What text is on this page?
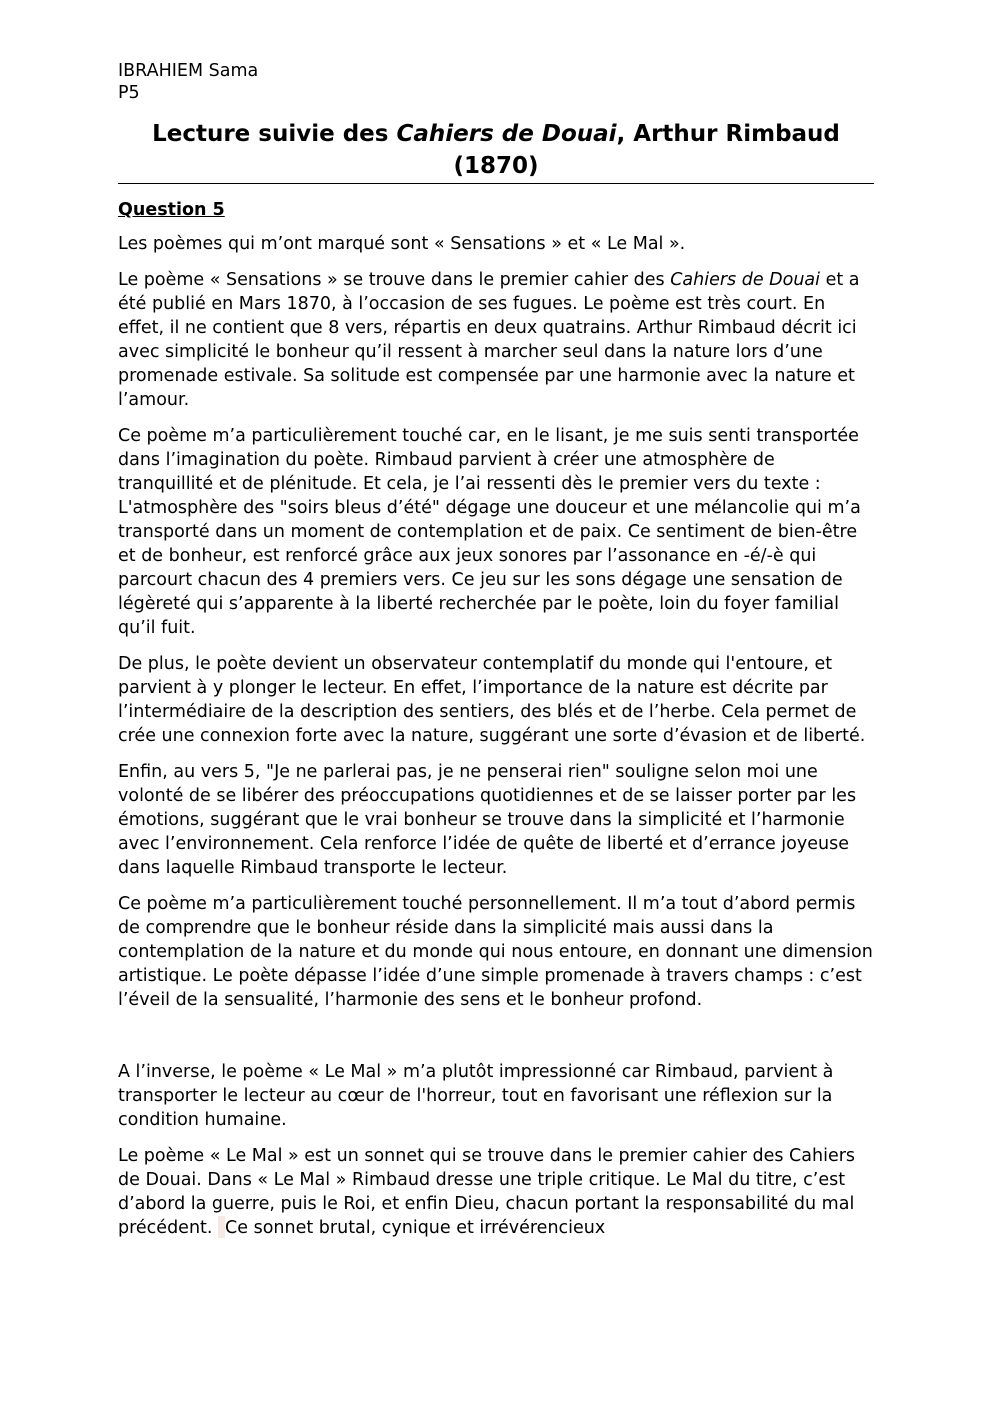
IBRAHIEM Sama
P5
Lecture suivie des Cahiers de Douai, Arthur Rimbaud (1870)
Question 5

Les poèmes qui m’ont marqué sont « Sensations » et « Le Mal ».

Le poème « Sensations » se trouve dans le premier cahier des Cahiers de Douai et a été publié en Mars 1870, à l’occasion de ses fugues. Le poème est très court. En effet, il ne contient que 8 vers, répartis en deux quatrains. Arthur Rimbaud décrit ici avec simplicité le bonheur qu’il ressent à marcher seul dans la nature lors d’une promenade estivale. Sa solitude est compensée par une harmonie avec la nature et l’amour.

Ce poème m’a particulièrement touché car, en le lisant, je me suis senti transportée dans l’imagination du poète. Rimbaud parvient à créer une atmosphère de tranquillité et de plénitude. Et cela, je l’ai ressenti dès le premier vers du texte : L'atmosphère des "soirs bleus d’été" dégage une douceur et une mélancolie qui m’a transporté dans un moment de contemplation et de paix. Ce sentiment de bien-être et de bonheur, est renforcé grâce aux jeux sonores par l’assonance en -é/-è qui parcourt chacun des 4 premiers vers. Ce jeu sur les sons dégage une sensation de légèreté qui s’apparente à la liberté recherchée par le poète, loin du foyer familial qu’il fuit.

De plus, le poète devient un observateur contemplatif du monde qui l'entoure, et parvient à y plonger le lecteur. En effet, l’importance de la nature est décrite par l’intermédiaire de la description des sentiers, des blés et de l’herbe. Cela permet de crée une connexion forte avec la nature, suggérant une sorte d’évasion et de liberté.

Enfin, au vers 5, "Je ne parlerai pas, je ne penserai rien" souligne selon moi une volonté de se libérer des préoccupations quotidiennes et de se laisser porter par les émotions, suggérant que le vrai bonheur se trouve dans la simplicité et l’harmonie avec l’environnement. Cela renforce l’idée de quête de liberté et d’errance joyeuse dans laquelle Rimbaud transporte le lecteur.

Ce poème m’a particulièrement touché personnellement. Il m’a tout d’abord permis de comprendre que le bonheur réside dans la simplicité mais aussi dans la contemplation de la nature et du monde qui nous entoure, en donnant une dimension artistique. Le poète dépasse l’idée d’une simple promenade à travers champs : c’est l’éveil de la sensualité, l’harmonie des sens et le bonheur profond.

A l’inverse, le poème « Le Mal » m’a plutôt impressionné car Rimbaud, parvient à transporter le lecteur au cœur de l'horreur, tout en favorisant une réflexion sur la condition humaine.

Le poème « Le Mal » est un sonnet qui se trouve dans le premier cahier des Cahiers de Douai. Dans « Le Mal » Rimbaud dresse une triple critique. Le Mal du titre, c’est d’abord la guerre, puis le Roi, et enfin Dieu, chacun portant la responsabilité du mal précédent. Ce sonnet brutal, cynique et irrévérencieux
